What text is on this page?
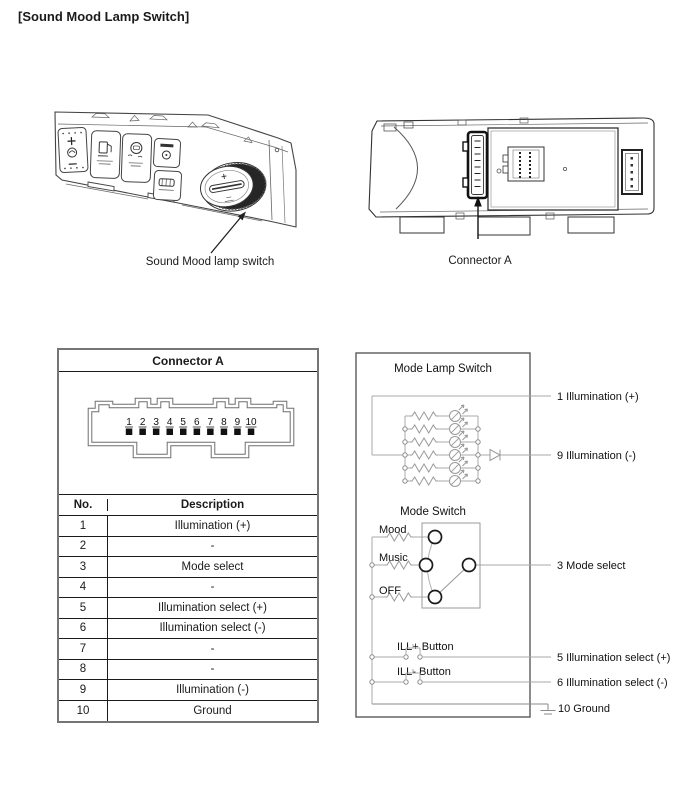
[Sound Mood Lamp Switch]
Sound Mood lamp switch	Connector A
Connector A
1 2 3 4 5 6 7 8 9 10
No.	Description
1	Illumination (+)
2	-
3	Mode select
4	-
5	Illumination select (+)
6	Illumination select (-)
7	-
8	-
9	Illumination (-)
10	Ground
Mode Lamp Switch
Mode Switch
Mood
Music
OFF
ILL+ Button
ILL- Button
1 Illumination (+)
9 Illumination (-)
3 Mode select
5 Illumination select (+)
6 Illumination select (-)
10 Ground
